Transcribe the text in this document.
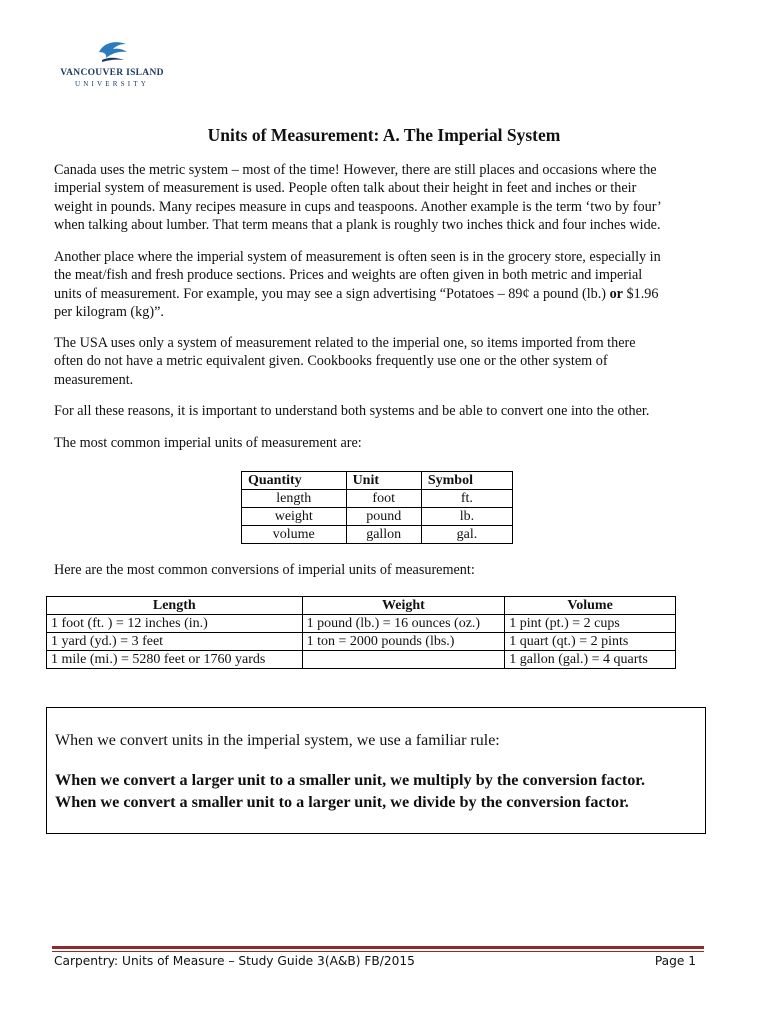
VANCOUVER ISLAND
UNIVERSITY
Units of Measurement: A. The Imperial System
Canada uses the metric system – most of the time! However, there are still places and occasions where the
imperial system of measurement is used. People often talk about their height in feet and inches or their
weight in pounds. Many recipes measure in cups and teaspoons. Another example is the term ‘two by four’
when talking about lumber. That term means that a plank is roughly two inches thick and four inches wide.
Another place where the imperial system of measurement is often seen is in the grocery store, especially in
the meat/fish and fresh produce sections. Prices and weights are often given in both metric and imperial
units of measurement. For example, you may see a sign advertising “Potatoes – 89¢ a pound (lb.) or $1.96
per kilogram (kg)”.
The USA uses only a system of measurement related to the imperial one, so items imported from there
often do not have a metric equivalent given. Cookbooks frequently use one or the other system of
measurement.
For all these reasons, it is important to understand both systems and be able to convert one into the other.
The most common imperial units of measurement are:
Quantity	Unit	Symbol
length	foot	ft.
weight	pound	lb.
volume	gallon	gal.
Here are the most common conversions of imperial units of measurement:
Length	Weight	Volume
1 foot (ft. ) = 12 inches (in.)	1 pound (lb.) = 16 ounces (oz.)	1 pint (pt.) = 2 cups
1 yard (yd.) = 3 feet	1 ton = 2000 pounds (lbs.)	1 quart (qt.) = 2 pints
1 mile (mi.) = 5280 feet or 1760 yards		1 gallon (gal.) = 4 quarts
When we convert units in the imperial system, we use a familiar rule:
When we convert a larger unit to a smaller unit, we multiply by the conversion factor.
When we convert a smaller unit to a larger unit, we divide by the conversion factor.
Carpentry: Units of Measure – Study Guide 3(A&B) FB/2015	Page 1
